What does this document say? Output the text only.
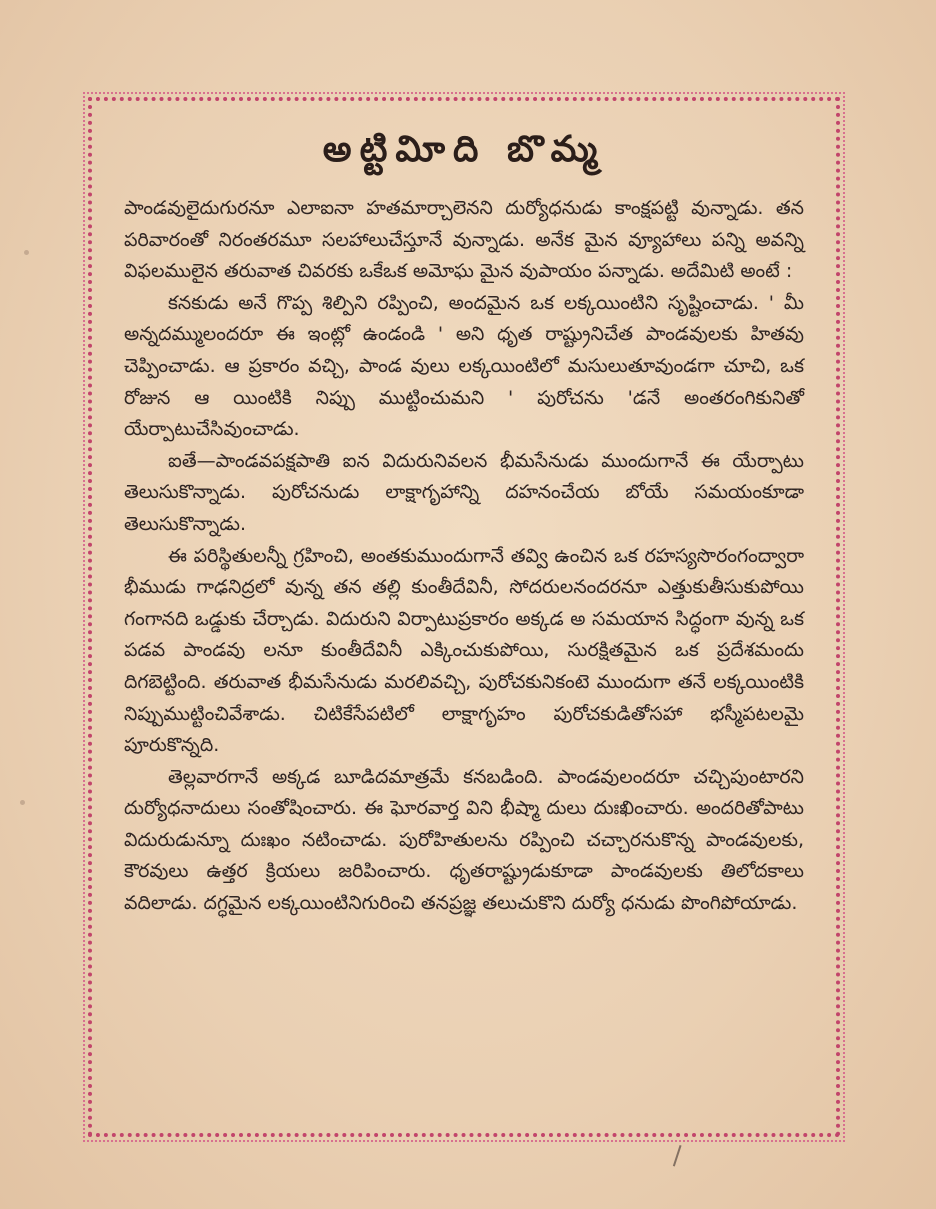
అట్టివిూది బొమ్మ

పాండవులైదుగురనూ ఎలాఐనా హతమార్చాలెనని దుర్యోధనుడు కాంక్షపట్టి వున్నాడు. తన పరివారంతో నిరంతరమూ సలహాలుచేస్తూనే వున్నాడు. అనేక మైన వ్యూహాలు పన్ని అవన్ని విఫలములైన తరువాత చివరకు ఒకేఒక అమోఘ మైన వుపాయం పన్నాడు. అదేమిటి అంటే :

కనకుడు అనే గొప్ప శిల్పిని రప్పించి, అందమైన ఒక లక్కయింటిని సృష్టించాడు. ' మీ అన్నదమ్ములందరూ ఈ ఇంట్లో ఉండండి ' అని ధృత రాష్ట్రునిచేత పాండవులకు హితవు చెప్పించాడు. ఆ ప్రకారం వచ్చి, పాండ వులు లక్కయింటిలో మసులుతూవుండగా చూచి, ఒక రోజున ఆ యింటికి నిప్పు ముట్టించుమని ' పురోచను 'డనే అంతరంగికునితో యేర్పాటుచేసివుంచాడు.

ఐతే—పాండవపక్షపాతి ఐన విదురునివలన భీమసేనుడు ముందుగానే ఈ యేర్పాటు తెలుసుకొన్నాడు. పురోచనుడు లాక్షాగృహాన్ని దహనంచేయ బోయే సమయంకూడా తెలుసుకొన్నాడు.

ఈ పరిస్థితులన్నీ గ్రహించి, అంతకుముందుగానే తవ్వి ఉంచిన ఒక రహస్యసొరంగంద్వారా భీముడు గాఢనిద్రలో వున్న తన తల్లి కుంతీదేవినీ, సోదరులనందరనూ ఎత్తుకుతీసుకుపోయి గంగానది ఒడ్డుకు చేర్చాడు. విదురుని విర్పాటుప్రకారం అక్కడ అ సమయాన సిద్ధంగా వున్న ఒక పడవ పాండవు లనూ కుంతీదేవినీ ఎక్కించుకుపోయి, సురక్షితమైన ఒక ప్రదేశమందు దిగబెట్టింది. తరువాత భీమసేనుడు మరలివచ్చి, పురోచకునికంటె ముందుగా తనే లక్కయింటికి నిప్పుముట్టించివేశాడు. చిటికేసేపటిలో లాక్షాగృహం పురోచకుడితోసహా భస్మీపటలమై పూరుకొన్నది.

తెల్లవారగానే అక్కడ బూడిదమాత్రమే కనబడింది. పాండవులందరూ చచ్చిపుంటారని దుర్యోధనాదులు సంతోషించారు. ఈ ఘోరవార్త విని భీష్మా దులు దుఃఖించారు. అందరితోపాటు విదురుడున్నూ దుఃఖం నటించాడు. పురోహితులను రప్పించి చచ్చారనుకొన్న పాండవులకు, కౌరవులు ఉత్తర క్రియలు జరిపించారు. ధృతరాష్ట్రుడుకూడా పాండవులకు తిలోదకాలు వదిలాడు. దగ్ధమైన లక్కయింటినిగురించి తనప్రజ్ఞ తలుచుకొని దుర్యో ధనుడు పొంగిపోయాడు.
